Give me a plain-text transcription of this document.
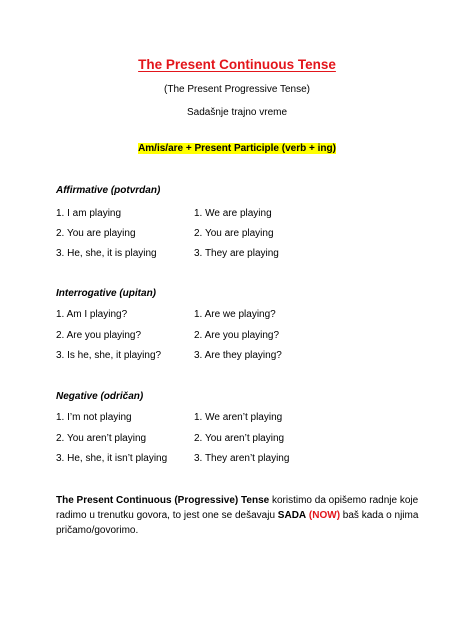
The Present Continuous Tense
(The Present Progressive Tense)
Sadašnje trajno vreme
Am/is/are + Present Participle (verb + ing)
Affirmative (potvrdan)
1. I am playing	1. We are playing
2. You are playing	2. You are playing
3. He, she, it is playing	3. They are playing
Interrogative (upitan)
1. Am I playing?	1. Are we playing?
2. Are you playing?	2. Are you playing?
3. Is he, she, it playing?	3. Are they playing?
Negative (odričan)
1. I’m not playing	1. We aren’t playing
2. You aren’t playing	2. You aren’t playing
3. He, she, it isn’t playing	3. They aren’t playing
The Present Continuous (Progressive) Tense koristimo da opišemo radnje koje radimo u trenutku govora, to jest one se dešavaju SADA (NOW) baš kada o njima pričamo/govorimo.
